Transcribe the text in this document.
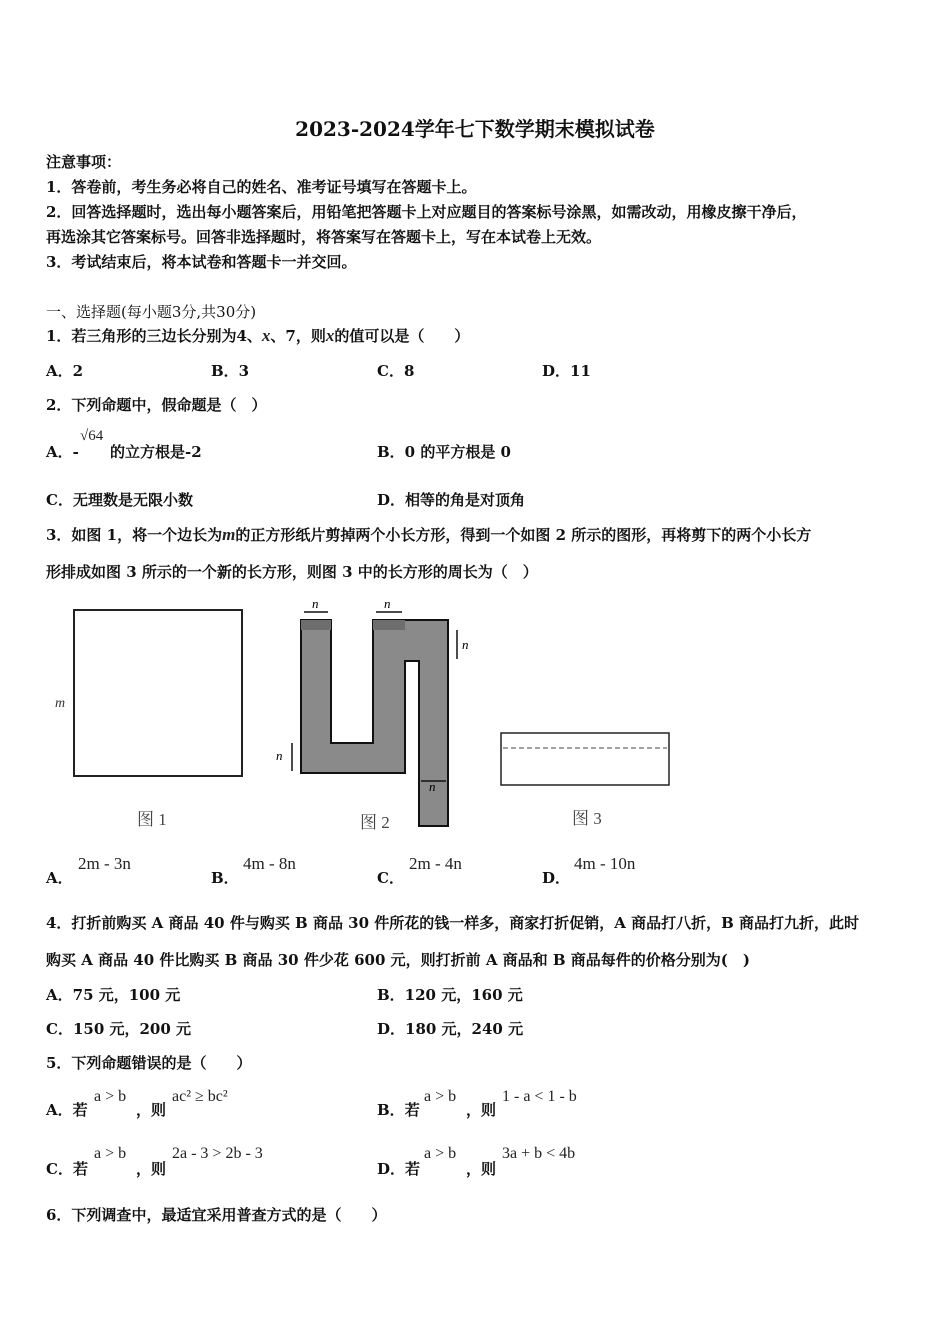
2023-2024学年七下数学期末模拟试卷
注意事项：
1．答卷前，考生务必将自己的姓名、准考证号填写在答题卡上。
2．回答选择题时，选出每小题答案后，用铅笔把答题卡上对应题目的答案标号涂黑，如需改动，用橡皮擦干净后，
再选涂其它答案标号。回答非选择题时，将答案写在答题卡上，写在本试卷上无效。
3．考试结束后，将本试卷和答题卡一并交回。
一、选择题(每小题3分,共30分)
1．若三角形的三边长分别为4、x、7，则x的值可以是（　　）
A．2	B．3	C．8	D．11
2．下列命题中，假命题是（　）
A．-
√64
的立方根是-2	B．0 的平方根是 0
C．无理数是无限小数	D．相等的角是对顶角
3．如图 1，将一个边长为m的正方形纸片剪掉两个小长方形，得到一个如图 2 所示的图形，再将剪下的两个小长方
形排成如图 3 所示的一个新的长方形，则图 3 中的长方形的周长为（　）
m
图 1
n	n
n
n
n
图 2	图 3
A．
2m - 3n
B．
4m - 8n
C．
2m - 4n
D．
4m - 10n
4．打折前购买 A 商品 40 件与购买 B 商品 30 件所花的钱一样多，商家打折促销，A 商品打八折，B 商品打九折，此时
购买 A 商品 40 件比购买 B 商品 30 件少花 600 元，则打折前 A 商品和 B 商品每件的价格分别为(　)
A．75 元，100 元	B．120 元，160 元
C．150 元，200 元	D．180 元，240 元
5．下列命题错误的是（　　）
A．若
a > b
，则
ac² ≥ bc²
B．若
a > b
，则
1 - a < 1 - b
C．若
a > b
，则
2a - 3 > 2b - 3
D．若
a > b
，则
3a + b < 4b
6．下列调查中，最适宜采用普查方式的是（　　）
